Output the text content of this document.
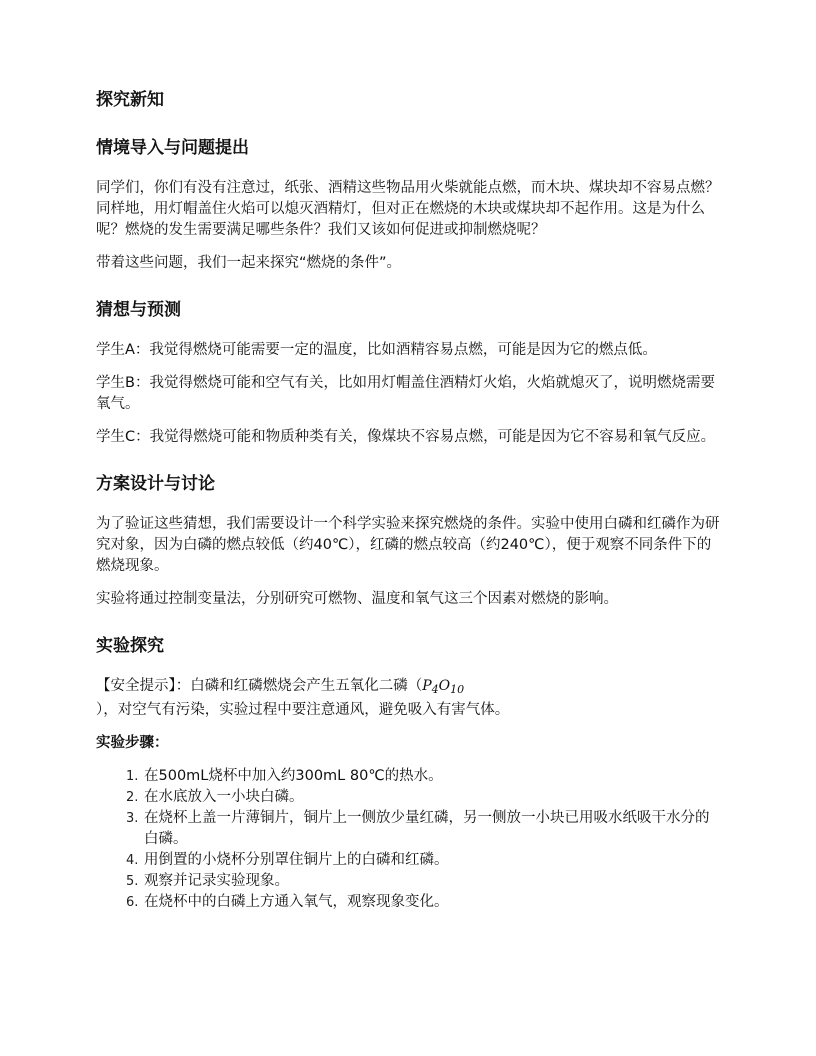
探究新知
情境导入与问题提出

同学们，你们有没有注意过，纸张、酒精这些物品用火柴就能点燃，而木块、煤块却不容易点燃？同样地，用灯帽盖住火焰可以熄灭酒精灯，但对正在燃烧的木块或煤块却不起作用。这是为什么呢？燃烧的发生需要满足哪些条件？我们又该如何促进或抑制燃烧呢？

带着这些问题，我们一起来探究“燃烧的条件”。

猜想与预测

学生A：我觉得燃烧可能需要一定的温度，比如酒精容易点燃，可能是因为它的燃点低。

学生B：我觉得燃烧可能和空气有关，比如用灯帽盖住酒精灯火焰，火焰就熄灭了，说明燃烧需要氧气。

学生C：我觉得燃烧可能和物质种类有关，像煤块不容易点燃，可能是因为它不容易和氧气反应。

方案设计与讨论

为了验证这些猜想，我们需要设计一个科学实验来探究燃烧的条件。实验中使用白磷和红磷作为研究对象，因为白磷的燃点较低（约40℃），红磷的燃点较高（约240℃），便于观察不同条件下的燃烧现象。

实验将通过控制变量法，分别研究可燃物、温度和氧气这三个因素对燃烧的影响。

实验探究

【安全提示】：白磷和红磷燃烧会产生五氧化二磷（$P_4O_{10}$
），对空气有污染，实验过程中要注意通风，避免吸入有害气体。

实验步骤：
1. 在500mL烧杯中加入约300mL 80℃的热水。
2. 在水底放入一小块白磷。
3. 在烧杯上盖一片薄铜片，铜片上一侧放少量红磷，另一侧放一小块已用吸水纸吸干水分的白磷。
4. 用倒置的小烧杯分别罩住铜片上的白磷和红磷。
5. 观察并记录实验现象。
6. 在烧杯中的白磷上方通入氧气，观察现象变化。
